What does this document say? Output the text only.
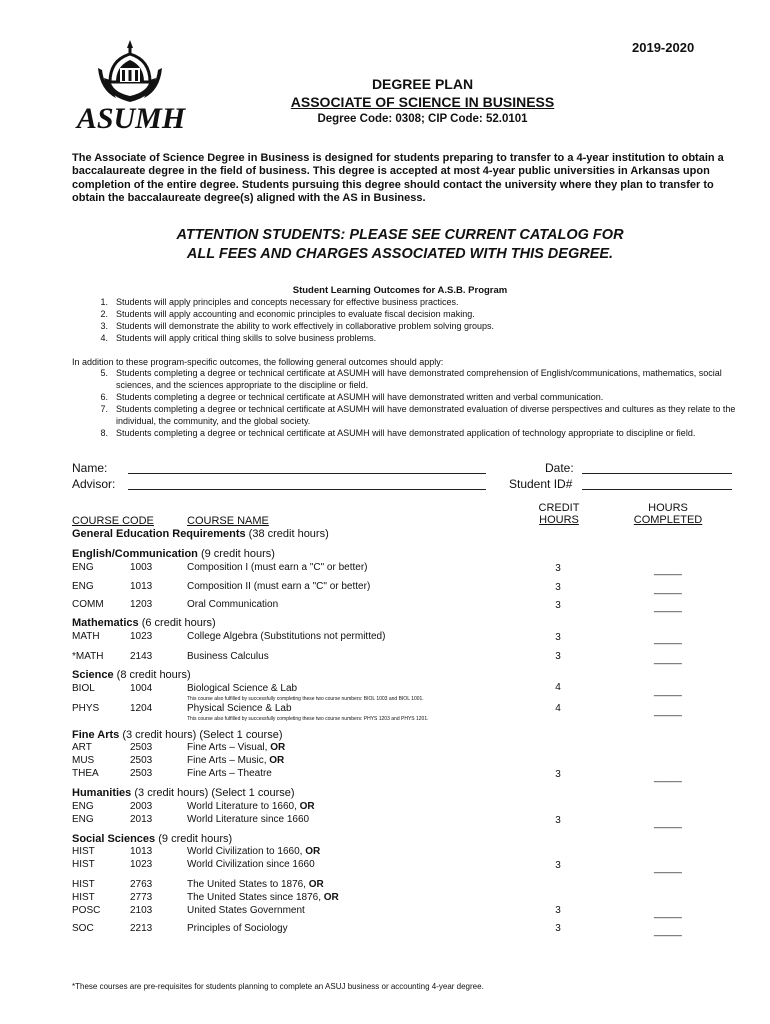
2019-2020
ASUMH
DEGREE PLAN
ASSOCIATE OF SCIENCE IN BUSINESS
Degree Code: 0308; CIP Code: 52.0101
The Associate of Science Degree in Business is designed for students preparing to transfer to a 4-year institution to obtain a baccalaureate degree in the field of business. This degree is accepted at most 4-year public universities in Arkansas upon completion of the entire degree. Students pursuing this degree should contact the university where they plan to transfer to obtain the baccalaureate degree(s) aligned with the AS in Business.
ATTENTION STUDENTS: PLEASE SEE CURRENT CATALOG FOR
ALL FEES AND CHARGES ASSOCIATED WITH THIS DEGREE.
Student Learning Outcomes for A.S.B. Program
1. Students will apply principles and concepts necessary for effective business practices.
2. Students will apply accounting and economic principles to evaluate fiscal decision making.
3. Students will demonstrate the ability to work effectively in collaborative problem solving groups.
4. Students will apply critical thing skills to solve business problems.
In addition to these program-specific outcomes, the following general outcomes should apply:
5. Students completing a degree or technical certificate at ASUMH will have demonstrated comprehension of English/communications, mathematics, social sciences, and the sciences appropriate to the discipline or field.
6. Students completing a degree or technical certificate at ASUMH will have demonstrated written and verbal communication.
7. Students completing a degree or technical certificate at ASUMH will have demonstrated evaluation of diverse perspectives and cultures as they relate to the individual, the community, and the global society.
8. Students completing a degree or technical certificate at ASUMH will have demonstrated application of technology appropriate to discipline or field.
Name:
Advisor:
Date:
Student ID#
CREDIT
HOURS
HOURS
COMPLETED
COURSE CODE	COURSE NAME
General Education Requirements (38 credit hours)
English/Communication (9 credit hours)
ENG	1003	Composition I (must earn a "C" or better)	3	_____
ENG	1013	Composition II (must earn a "C" or better)	3	_____
COMM	1203	Oral Communication	3	_____
Mathematics (6 credit hours)
MATH	1023	College Algebra (Substitutions not permitted)	3	_____
*MATH	2143	Business Calculus	3	_____
Science (8 credit hours)
BIOL	1004	Biological Science & Lab	4	_____
This course also fulfilled by successfully completing these two course numbers: BIOL 1003 and BIOL 1001.
PHYS	1204	Physical Science & Lab	4	_____
This course also fulfilled by successfully completing these two course numbers: PHYS 1203 and PHYS 1201.
Fine Arts (3 credit hours) (Select 1 course)
ART	2503	Fine Arts – Visual, OR
MUS	2503	Fine Arts – Music, OR
THEA	2503	Fine Arts – Theatre	3	_____
Humanities (3 credit hours) (Select 1 course)
ENG	2003	World Literature to 1660, OR
ENG	2013	World Literature since 1660	3	_____
Social Sciences (9 credit hours)
HIST	1013	World Civilization to 1660, OR
HIST	1023	World Civilization since 1660	3	_____
HIST	2763	The United States to 1876, OR
HIST	2773	The United States since 1876, OR
POSC	2103	United States Government	3	_____
SOC	2213	Principles of Sociology	3	_____
*These courses are pre-requisites for students planning to complete an ASUJ business or accounting 4-year degree.
